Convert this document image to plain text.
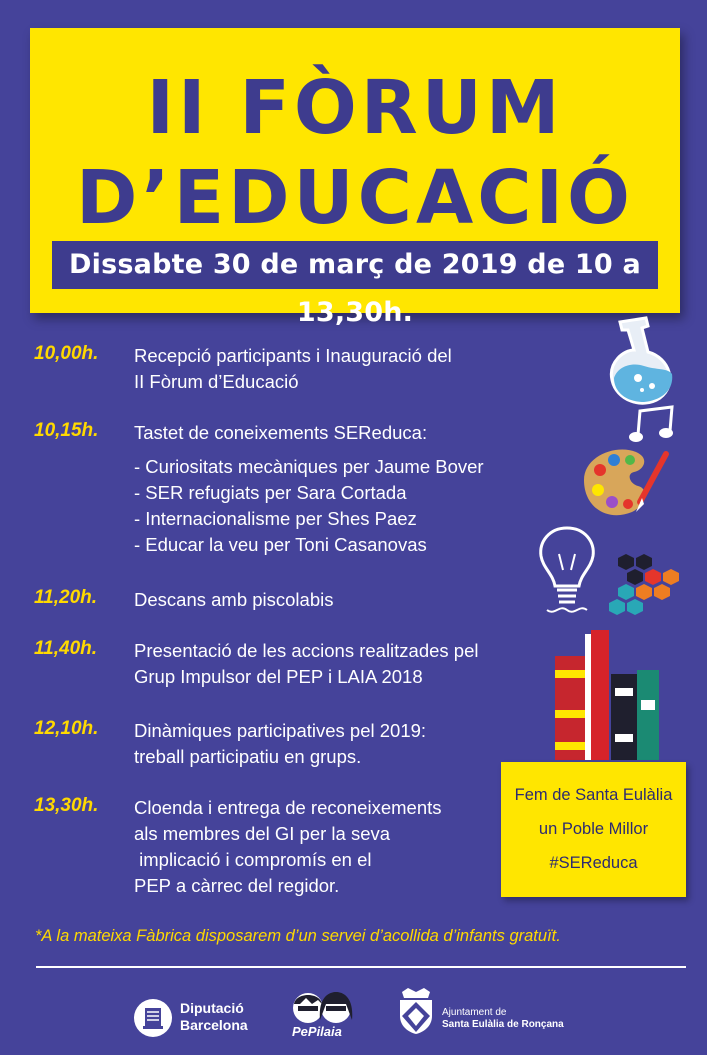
II FÒRUM
D’EDUCACIÓ
Dissabte 30 de març de 2019 de 10 a 13,30h.
10,00h. Recepció participants i Inauguració del
II Fòrum d’Educació
10,15h. Tastet de coneixements SEReduca:
- Curiositats mecàniques per Jaume Bover
- SER refugiats per Sara Cortada
- Internacionalisme per Shes Paez
- Educar la veu per Toni Casanovas
11,20h. Descans amb piscolabis
11,40h. Presentació de les accions realitzades pel
Grup Impulsor del PEP i LAIA 2018
12,10h. Dinàmiques participatives pel 2019:
treball participatiu en grups.
13,30h. Cloenda i entrega de reconeixements
als membres del GI per la seva
implicació i compromís en el
PEP a càrrec del regidor.
Fem de Santa Eulàlia
un Poble Millor
#SEReduca
*A la mateixa Fàbrica disposarem d’un servei d’acollida d’infants gratuït.
Diputació
Barcelona	PePilaia
Ajuntament de
Santa Eulàlia de Ronçana
